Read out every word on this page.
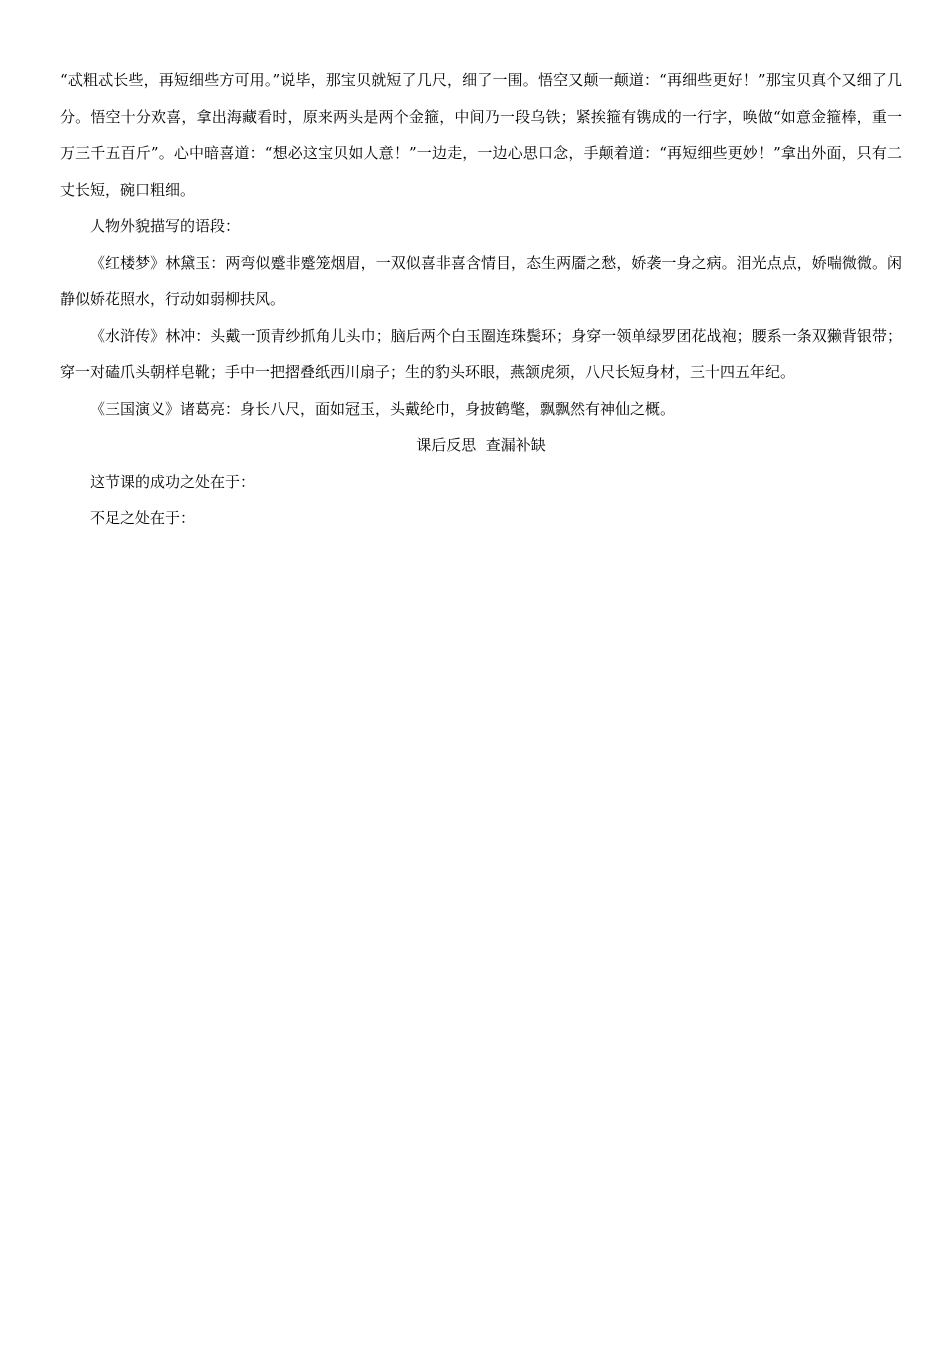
“忒粗忒长些，再短细些方可用。”说毕，那宝贝就短了几尺，细了一围。悟空又颠一颠道：“再细些更好！”那宝贝真个又细了几分。悟空十分欢喜，拿出海藏看时，原来两头是两个金箍，中间乃一段乌铁；紧挨箍有镌成的一行字，唤做“如意金箍棒，重一万三千五百斤”。心中暗喜道：“想必这宝贝如人意！”一边走，一边心思口念，手颠着道：“再短细些更妙！”拿出外面，只有二丈长短，碗口粗细。

人物外貌描写的语段：

《红楼梦》林黛玉：两弯似蹙非蹙笼烟眉，一双似喜非喜含情目，态生两靥之愁，娇袭一身之病。泪光点点，娇喘微微。闲静似娇花照水，行动如弱柳扶风。

《水浒传》林冲：头戴一顶青纱抓角儿头巾；脑后两个白玉圈连珠鬓环；身穿一领单绿罗团花战袍；腰系一条双獭背银带；穿一对磕爪头朝样皂靴；手中一把摺叠纸西川扇子；生的豹头环眼，燕颔虎须，八尺长短身材，三十四五年纪。

《三国演义》诸葛亮：身长八尺，面如冠玉，头戴纶巾，身披鹤氅，飘飘然有神仙之概。

课后反思  查漏补缺

这节课的成功之处在于：

不足之处在于：
